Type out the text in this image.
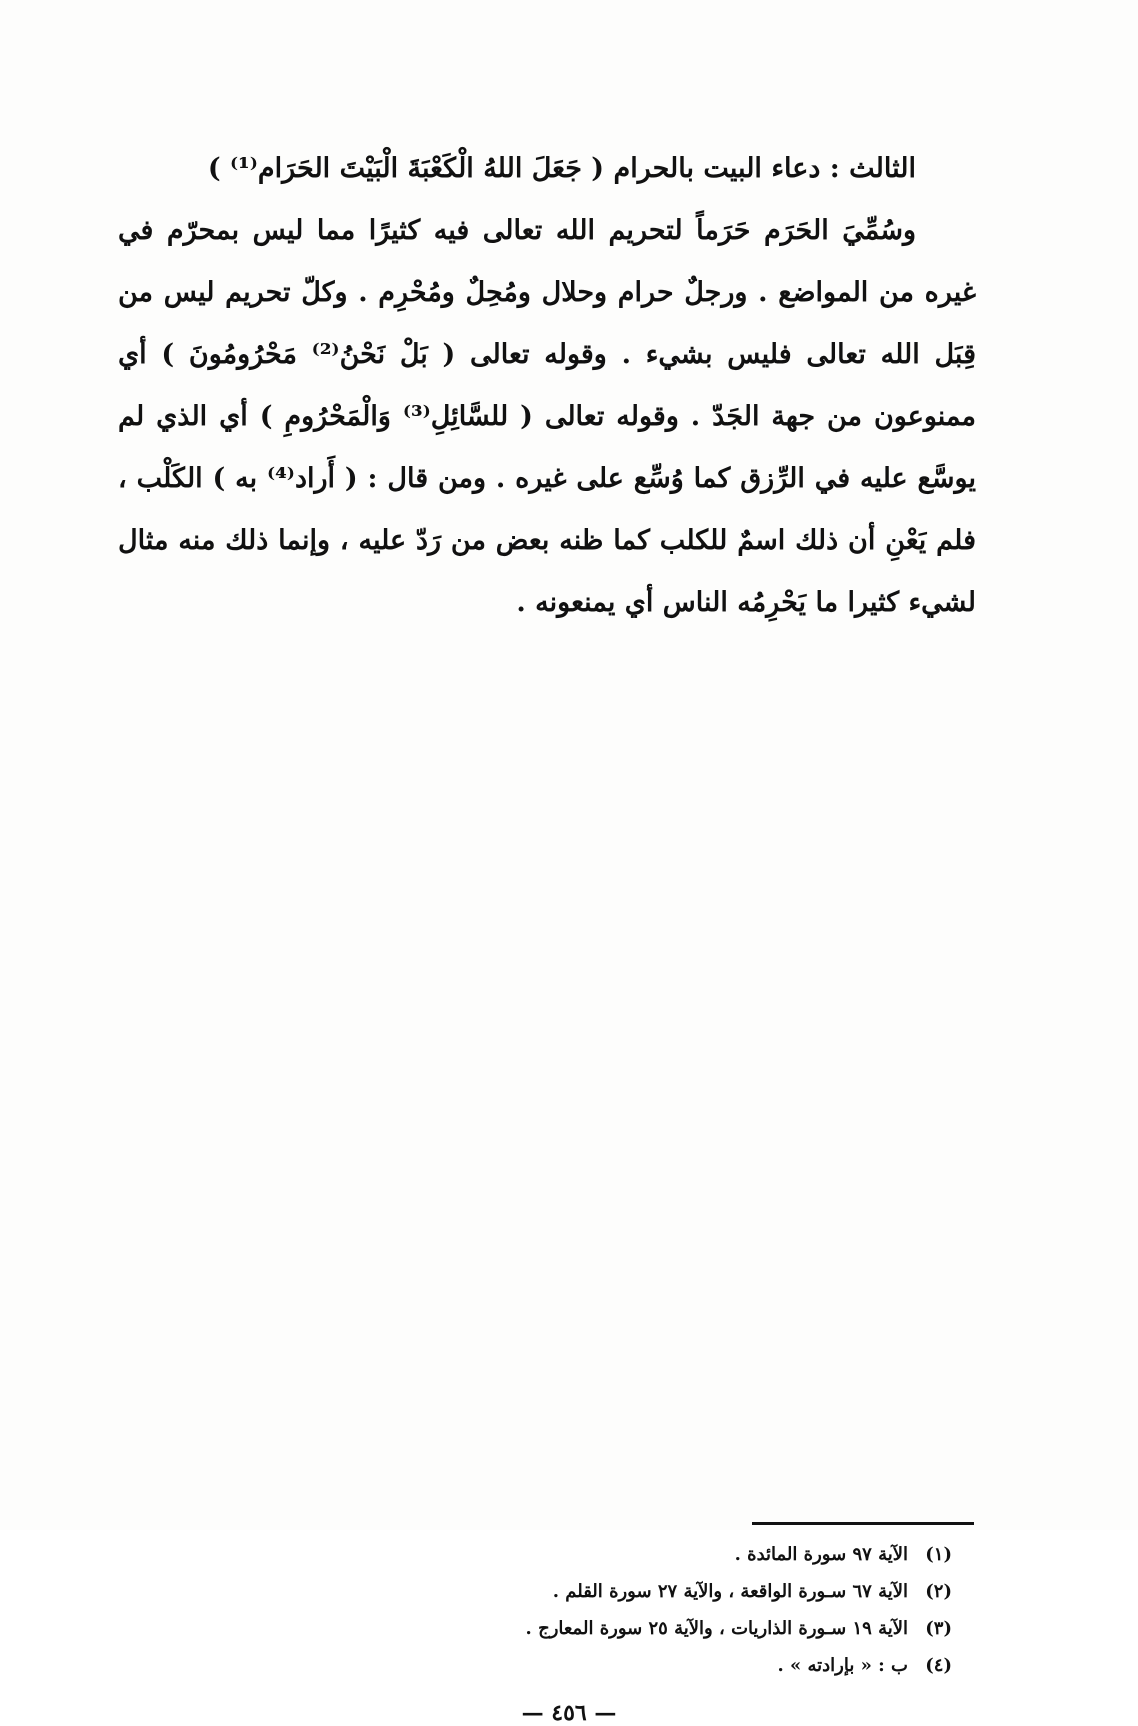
الثالث : دعاء البيت بالحرام ( جَعَلَ اللهُ الْكَعْبَةَ الْبَيْتَ الحَرَام⁽¹⁾ )

وسُمِّيَ الحَرَم حَرَماً لتحريم الله تعالى فيه كثيرًا مما ليس بمحرّم في غيره من المواضع . ورجلٌ حرام وحلال ومُحِلٌ ومُحْرِم . وكلّ تحريم ليس من قِبَل الله تعالى فليس بشيء . وقوله تعالى ( بَلْ نَحْنُ⁽²⁾ مَحْرُومُونَ ) أي ممنوعون من جهة الجَدّ . وقوله تعالى ( للسَّائِلِ⁽³⁾ وَالْمَحْرُومِ ) أي الذي لم يوسَّع عليه في الرِّزق كما وُسِّع على غيره . ومن قال : ( أَراد⁽⁴⁾ به ) الكَلْب ، فلم يَعْنِ أن ذلك اسمٌ للكلب كما ظنه بعض من رَدّ عليه ، وإنما ذلك منه مثال لشيء كثيرا ما يَحْرِمُه الناس أي يمنعونه .

(١)
الآية ٩٧ سورة المائدة .
(٢)
الآية ٦٧ سـورة الواقعة ، والآية ٢٧ سورة القلم .
(٣)
الآية ١٩ سـورة الذاريات ، والآية ٢٥ سورة المعارج .
(٤)
ب : « بإرادته » .
— ٤٥٦ —
